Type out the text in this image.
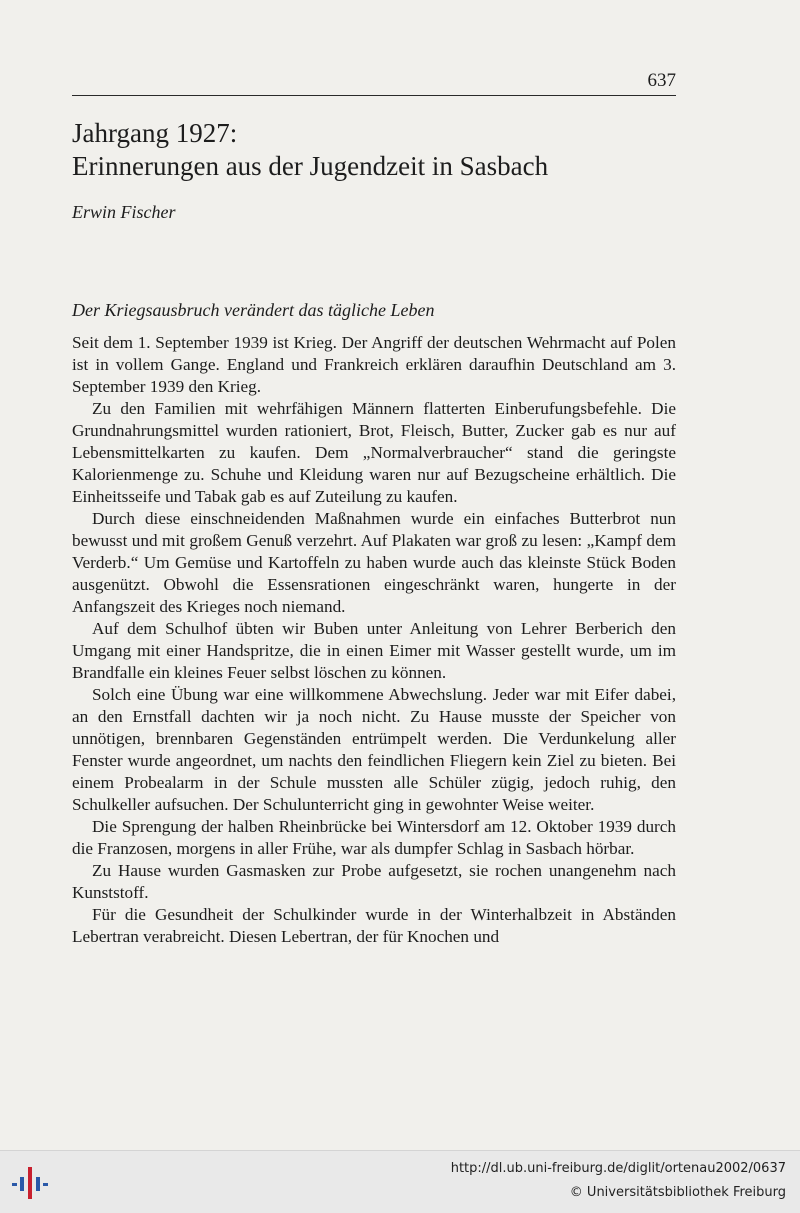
637
Jahrgang 1927:
Erinnerungen aus der Jugendzeit in Sasbach
Erwin Fischer
Der Kriegsausbruch verändert das tägliche Leben

Seit dem 1. September 1939 ist Krieg. Der Angriff der deutschen Wehrmacht auf Polen ist in vollem Gange. England und Frankreich erklären daraufhin Deutschland am 3. September 1939 den Krieg.

Zu den Familien mit wehrfähigen Männern flatterten Einberufungsbefehle. Die Grundnahrungsmittel wurden rationiert, Brot, Fleisch, Butter, Zucker gab es nur auf Lebensmittelkarten zu kaufen. Dem „Normalverbraucher“ stand die geringste Kalorienmenge zu. Schuhe und Kleidung waren nur auf Bezugscheine erhältlich. Die Einheitsseife und Tabak gab es auf Zuteilung zu kaufen.

Durch diese einschneidenden Maßnahmen wurde ein einfaches Butterbrot nun bewusst und mit großem Genuß verzehrt. Auf Plakaten war groß zu lesen: „Kampf dem Verderb.“ Um Gemüse und Kartoffeln zu haben wurde auch das kleinste Stück Boden ausgenützt. Obwohl die Essensrationen eingeschränkt waren, hungerte in der Anfangszeit des Krieges noch niemand.

Auf dem Schulhof übten wir Buben unter Anleitung von Lehrer Berberich den Umgang mit einer Handspritze, die in einen Eimer mit Wasser gestellt wurde, um im Brandfalle ein kleines Feuer selbst löschen zu können.

Solch eine Übung war eine willkommene Abwechslung. Jeder war mit Eifer dabei, an den Ernstfall dachten wir ja noch nicht. Zu Hause musste der Speicher von unnötigen, brennbaren Gegenständen entrümpelt werden. Die Verdunkelung aller Fenster wurde angeordnet, um nachts den feindlichen Fliegern kein Ziel zu bieten. Bei einem Probealarm in der Schule mussten alle Schüler zügig, jedoch ruhig, den Schulkeller aufsuchen. Der Schulunterricht ging in gewohnter Weise weiter.

Die Sprengung der halben Rheinbrücke bei Wintersdorf am 12. Oktober 1939 durch die Franzosen, morgens in aller Frühe, war als dumpfer Schlag in Sasbach hörbar.

Zu Hause wurden Gasmasken zur Probe aufgesetzt, sie rochen unangenehm nach Kunststoff.

Für die Gesundheit der Schulkinder wurde in der Winterhalbzeit in Abständen Lebertran verabreicht. Diesen Lebertran, der für Knochen und

http://dl.ub.uni-freiburg.de/diglit/ortenau2002/0637
© Universitätsbibliothek Freiburg
